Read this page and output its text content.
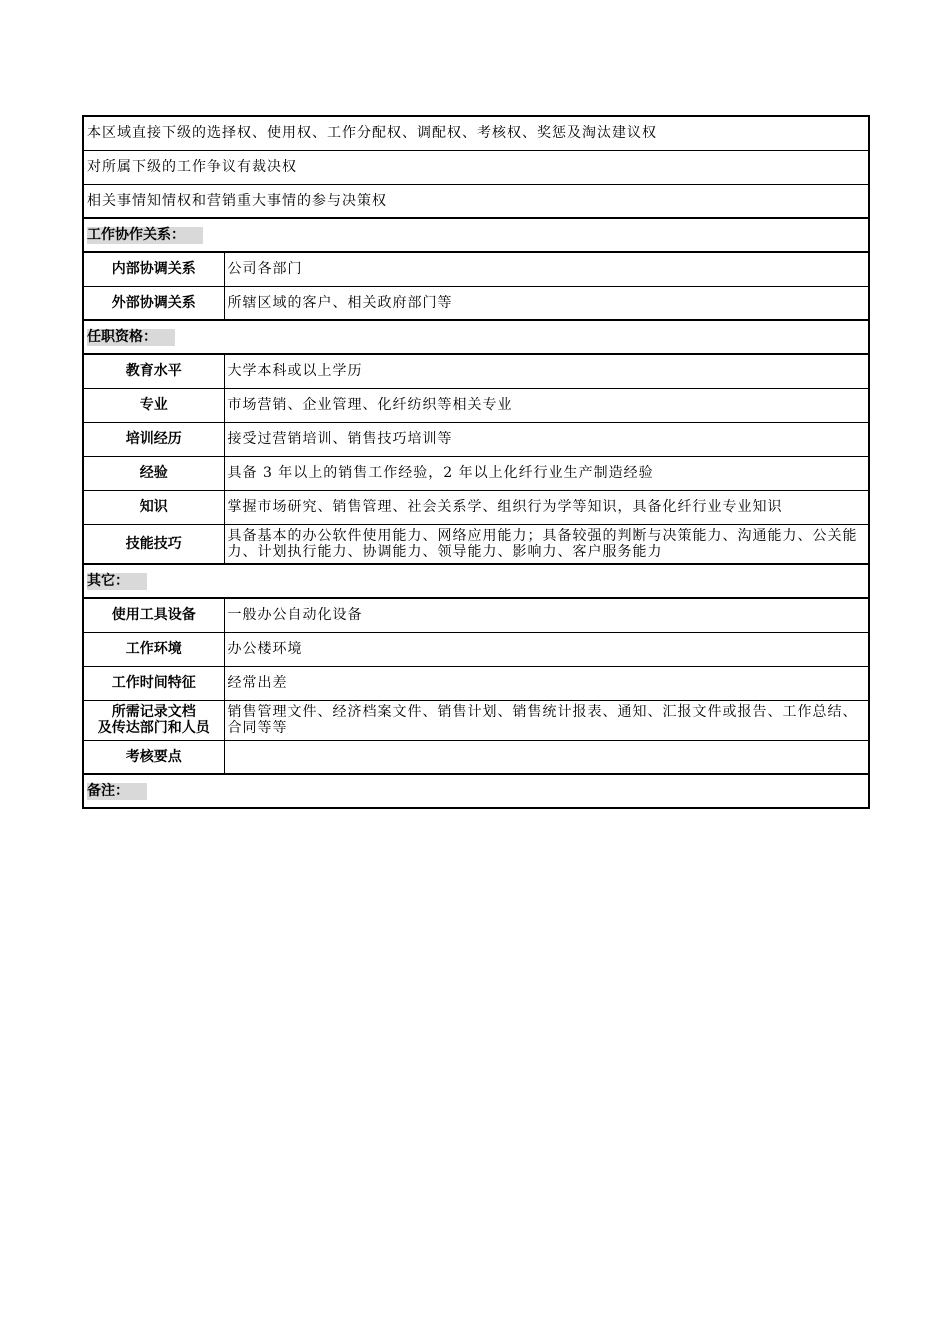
本区域直接下级的选择权、使用权、工作分配权、调配权、考核权、奖惩及淘汰建议权	
对所属下级的工作争议有裁决权	
相关事情知情权和营销重大事情的参与决策权	
工作协作关系：	
内部协调关系	公司各部门
外部协调关系	所辖区域的客户、相关政府部门等
任职资格：	
教育水平	大学本科或以上学历
专业	市场营销、企业管理、化纤纺织等相关专业
培训经历	接受过营销培训、销售技巧培训等
经验	具备 3 年以上的销售工作经验，2 年以上化纤行业生产制造经验
知识	掌握市场研究、销售管理、社会关系学、组织行为学等知识，具备化纤行业专业知识
技能技巧	具备基本的办公软件使用能力、网络应用能力；具备较强的判断与决策能力、沟通能力、公关能力、计划执行能力、协调能力、领导能力、影响力、客户服务能力
其它：	
使用工具设备	一般办公自动化设备
工作环境	办公楼环境
工作时间特征	经常出差

所需记录文档
及传达部门和人员	销售管理文件、经济档案文件、销售计划、销售统计报表、通知、汇报文件或报告、工作总结、合同等等
考核要点	
备注：	
